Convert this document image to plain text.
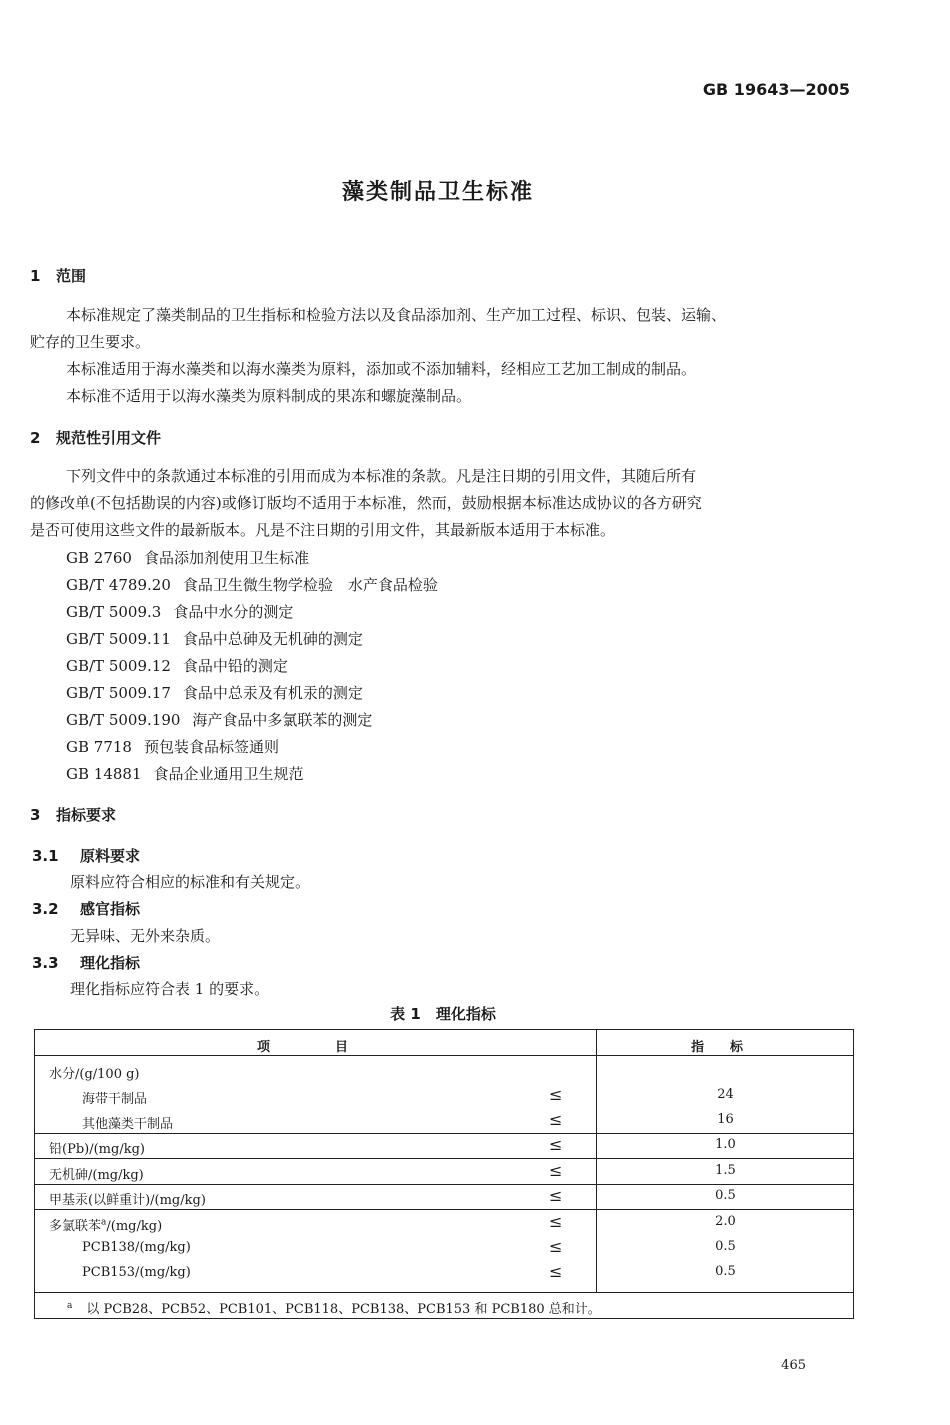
GB 19643—2005
藻类制品卫生标准
1 范围
本标准规定了藻类制品的卫生指标和检验方法以及食品添加剂、生产加工过程、标识、包装、运输、
贮存的卫生要求。
本标准适用于海水藻类和以海水藻类为原料，添加或不添加辅料，经相应工艺加工制成的制品。
本标准不适用于以海水藻类为原料制成的果冻和螺旋藻制品。
2 规范性引用文件
下列文件中的条款通过本标准的引用而成为本标准的条款。凡是注日期的引用文件，其随后所有
的修改单(不包括勘误的内容)或修订版均不适用于本标准，然而，鼓励根据本标准达成协议的各方研究
是否可使用这些文件的最新版本。凡是不注日期的引用文件，其最新版本适用于本标准。
GB 2760 食品添加剂使用卫生标准
GB/T 4789.20 食品卫生微生物学检验　水产食品检验
GB/T 5009.3 食品中水分的测定
GB/T 5009.11 食品中总砷及无机砷的测定
GB/T 5009.12 食品中铅的测定
GB/T 5009.17 食品中总汞及有机汞的测定
GB/T 5009.190 海产食品中多氯联苯的测定
GB 7718 预包装食品标签通则
GB 14881 食品企业通用卫生规范
3 指标要求
3.1 原料要求
原料应符合相应的标准和有关规定。
3.2 感官指标
无异味、无外来杂质。
3.3 理化指标
理化指标应符合表 1 的要求。
表 1　理化指标
项　　　　　目	指　　标
水分/(g/100 g)
海带干制品	≤	24
其他藻类干制品	≤	16
铅(Pb)/(mg/kg)	≤	1.0
无机砷/(mg/kg)	≤	1.5
甲基汞(以鲜重计)/(mg/kg)	≤	0.5
多氯联苯$^a$/(mg/kg)	≤	2.0
PCB138/(mg/kg)	≤	0.5
PCB153/(mg/kg)	≤	0.5
$^a$ 以 PCB28、PCB52、PCB101、PCB118、PCB138、PCB153 和 PCB180 总和计。
465
